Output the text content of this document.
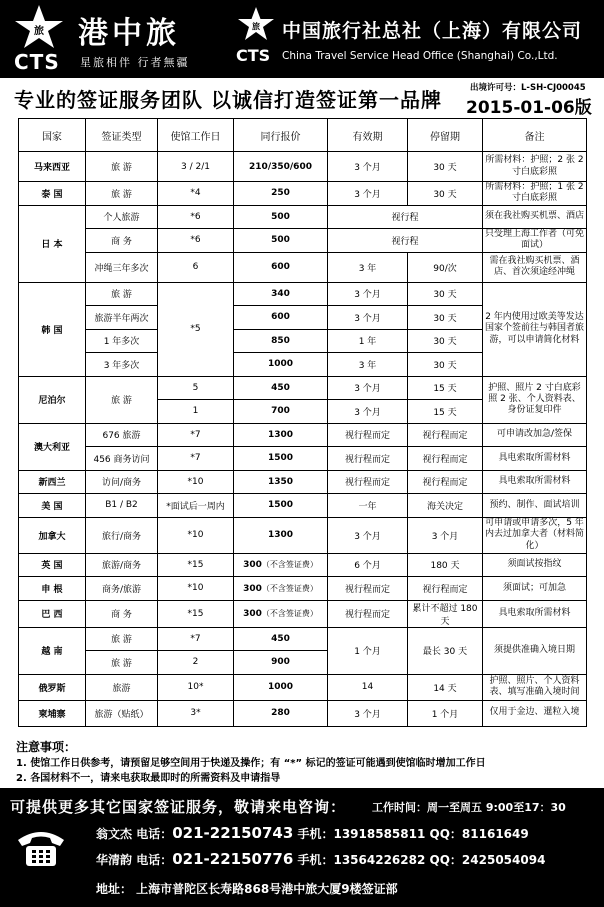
旅
CTS
港中旅
星旅相伴 行者無疆
旅
CTS
中国旅行社总社（上海）有限公司
China Travel Service Head Office (Shanghai) Co.,Ltd.
专业的签证服务团队 以诚信打造签证第一品牌	出境许可号：L-SH-CJ00045
2015-01-06版
国家	签证类型	使馆工作日	同行报价	有效期	停留期	备注
马来西亚	旅 游	3 / 2/1	210/350/600	3 个月	30 天	所需材料：护照；2 张 2 寸白底彩照
泰 国	旅 游	*4	250	3 个月	30 天	所需材料：护照；1 张 2 寸白底彩照
日 本	个人旅游	*6	500	视行程		须在我社购买机票、酒店
	商 务	*6	500	视行程		只受理上海工作者（可免面试）
	冲绳三年多次	6	600	3 年	90/次	需在我社购买机票、酒店、首次须途经冲绳
韩 国	旅 游	*5	340	3 个月	30 天	2 年内使用过欧美等发达国家个签前往与韩国者旅游，可以申请简化材料
	旅游半年两次		600	3 个月	30 天	
	1 年多次		850	1 年	30 天	
	3 年多次		1000	3 年	30 天	
尼泊尔	旅 游	5	450	3 个月	15 天	护照、照片 2 寸白底彩照 2 张、个人资料表、身份证复印件
		1	700	3 个月	15 天	
澳大利亚	676 旅游	*7	1300	视行程而定	视行程而定	可申请改加急/签保
	456 商务访问	*7	1500	视行程而定	视行程而定	具电索取所需材料
新西兰	访问/商务	*10	1350	视行程而定	视行程而定	具电索取所需材料
美 国	B1 / B2	*面试后一周内	1500	一年	海关决定	预约、制作、面试培训
加拿大	旅行/商务	*10	1300	3 个月	3 个月	可申请或申请多次，5 年内去过加拿大者（材料简化）
英 国	旅游/商务	*15	300（不含签证费）	6 个月	180 天	须面试按指纹
申 根	商务/旅游	*10	300（不含签证费）	视行程而定	视行程而定	须面试；可加急
巴 西	商 务	*15	300（不含签证费）	视行程而定	累计不超过 180 天	具电索取所需材料
越 南	旅 游	*7	450	1 个月	最长 30 天	须提供准确入境日期
	旅 游	2	900			
俄罗斯	旅游	10*	1000	14	14 天	护照、照片、个人资料表、填写准确入境时间
柬埔寨	旅游（贴纸）	3*	280	3 个月	1 个月	仅用于金边、暹粒入境
注意事项：
1. 使馆工作日供参考，请预留足够空间用于快递及操作；有 “*” 标记的签证可能遇到使馆临时增加工作日
2. 各国材料不一，请来电获取最即时的所需资料及申请指导
可提供更多其它国家签证服务，敬请来电咨询： 工作时间：周一至周五 9:00至17：30
翁文杰 电话：021-22150743 手机：13918585811 QQ：81161649
华清韵 电话：021-22150776 手机：13564226282 QQ：2425054094
地址： 上海市普陀区长寿路868号港中旅大厦9楼签证部
